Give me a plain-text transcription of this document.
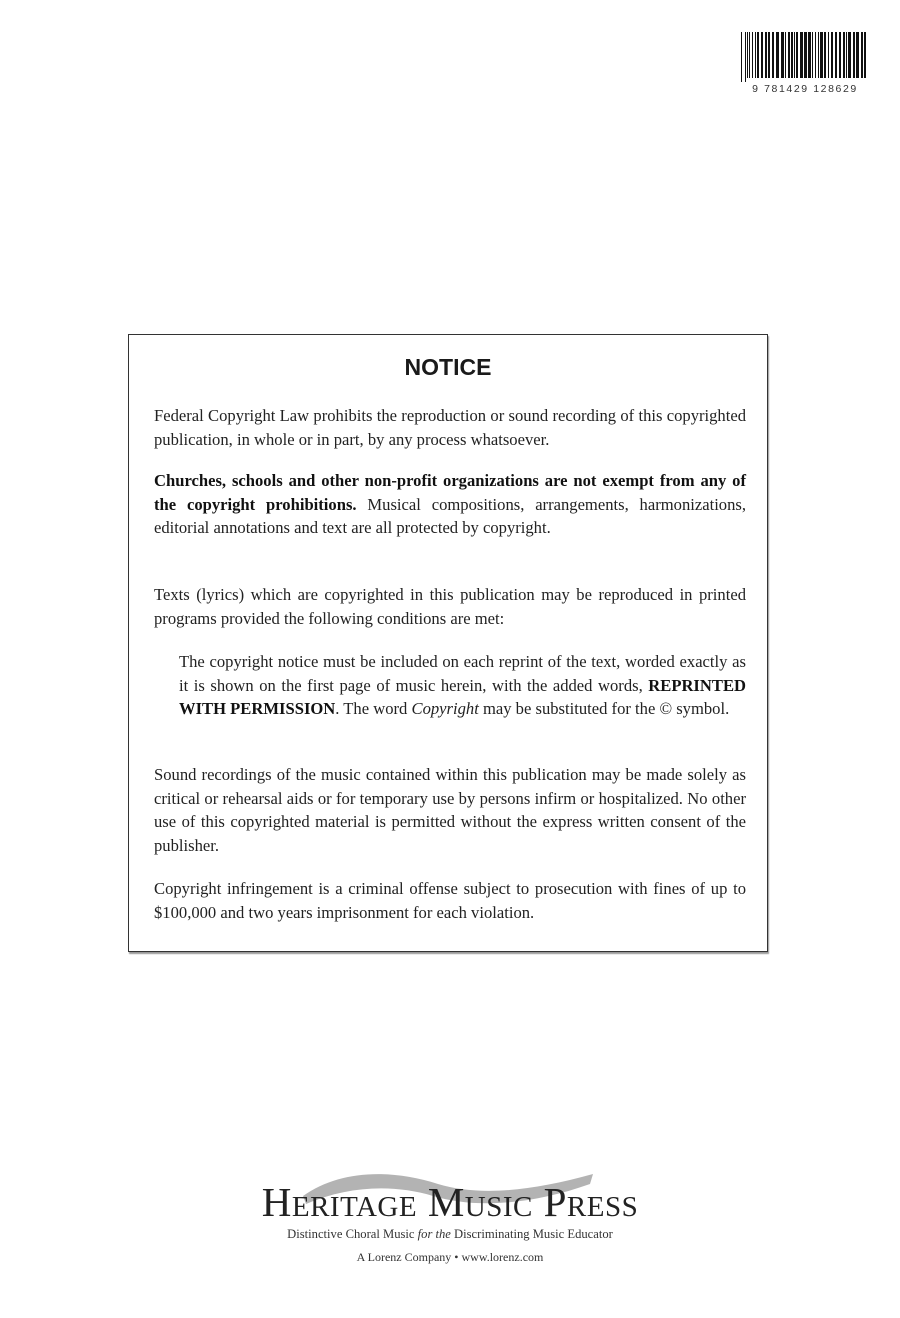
9 781429 128629
NOTICE
Federal Copyright Law prohibits the reproduction or sound recording of this copyrighted publication, in whole or in part, by any process whatsoever.
Churches, schools and other non-profit organizations are not exempt from any of the copyright prohibitions. Musical compositions, arrangements, harmonizations, editorial annotations and text are all protected by copyright.
Texts (lyrics) which are copyrighted in this publication may be reproduced in printed programs provided the following conditions are met:
The copyright notice must be included on each reprint of the text, worded exactly as it is shown on the first page of music herein, with the added words, REPRINTED WITH PERMISSION. The word Copyright may be substituted for the © symbol.
Sound recordings of the music contained within this publication may be made solely as critical or rehearsal aids or for temporary use by persons infirm or hospitalized. No other use of this copyrighted material is permitted without the express written consent of the publisher.
Copyright infringement is a criminal offense subject to prosecution with fines of up to $100,000 and two years imprisonment for each violation.
Heritage Music Press
Distinctive Choral Music for the Discriminating Music Educator
A Lorenz Company • www.lorenz.com
